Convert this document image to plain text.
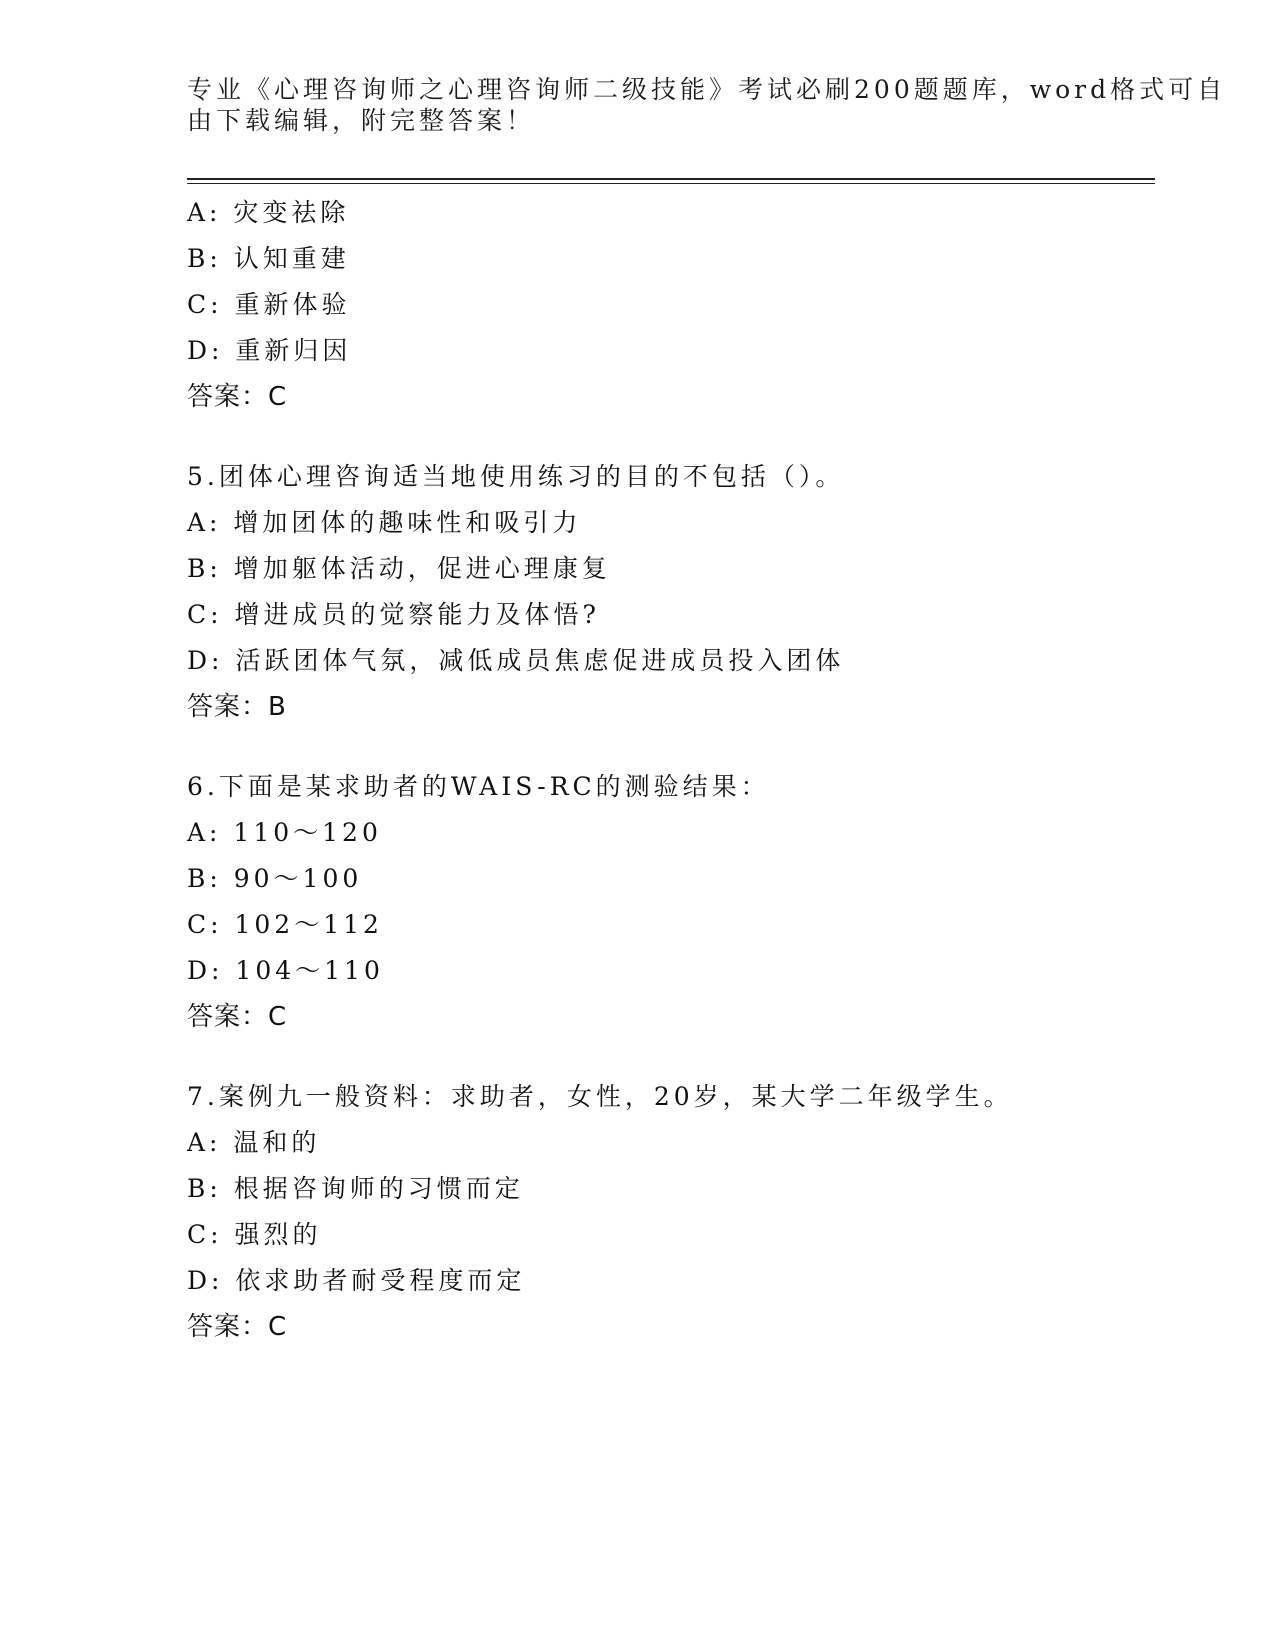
专业《心理咨询师之心理咨询师二级技能》考试必刷200题题库，word格式可自
由下载编辑，附完整答案！
A: 灾变祛除
B: 认知重建
C: 重新体验
D: 重新归因
答案：C
5.团体心理咨询适当地使用练习的目的不包括（）。
A: 增加团体的趣味性和吸引力
B: 增加躯体活动，促进心理康复
C: 增进成员的觉察能力及体悟?
D: 活跃团体气氛，减低成员焦虑促进成员投入团体
答案：B
6.下面是某求助者的WAIS-RC的测验结果：
A: 110～120
B: 90～100
C: 102～112
D: 104～110
答案：C
7.案例九一般资料：求助者，女性，20岁，某大学二年级学生。
A: 温和的
B: 根据咨询师的习惯而定
C: 强烈的
D: 依求助者耐受程度而定
答案：C
